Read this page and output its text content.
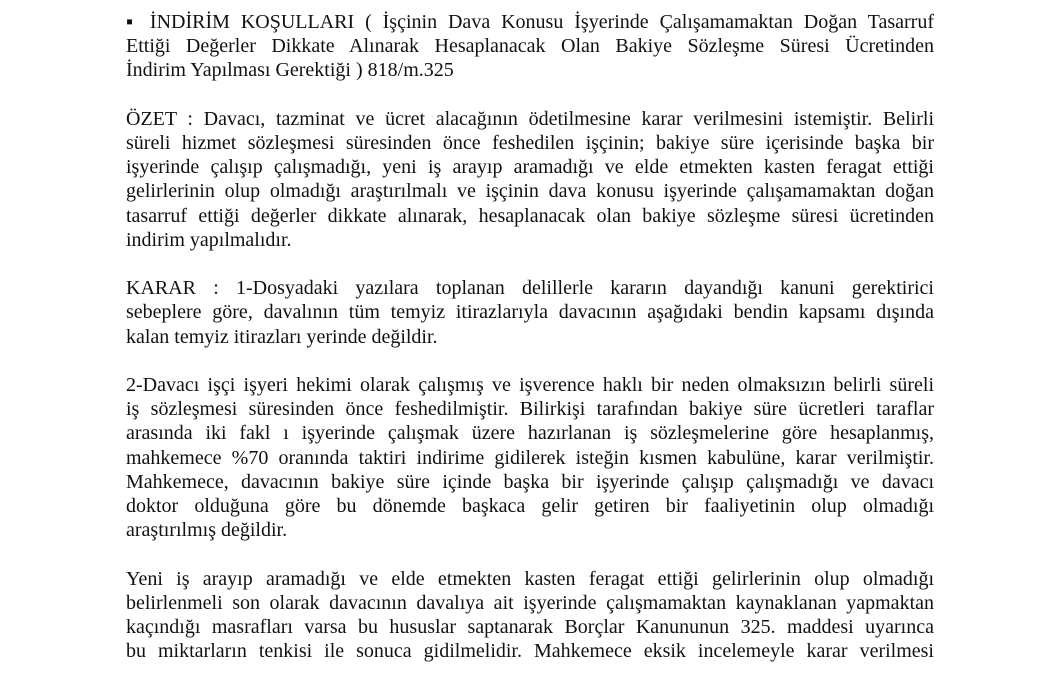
▪ İNDİRİM KOŞULLARI ( İşçinin Dava Konusu İşyerinde Çalışamamaktan Doğan Tasarruf
Ettiği Değerler Dikkate Alınarak Hesaplanacak Olan Bakiye Sözleşme Süresi Ücretinden
İndirim Yapılması Gerektiği ) 818/m.325
ÖZET : Davacı, tazminat ve ücret alacağının ödetilmesine karar verilmesini istemiştir. Belirli
süreli hizmet sözleşmesi süresinden önce feshedilen işçinin; bakiye süre içerisinde başka bir
işyerinde çalışıp çalışmadığı, yeni iş arayıp aramadığı ve elde etmekten kasten feragat ettiği
gelirlerinin olup olmadığı araştırılmalı ve işçinin dava konusu işyerinde çalışamamaktan doğan
tasarruf ettiği değerler dikkate alınarak, hesaplanacak olan bakiye sözleşme süresi ücretinden
indirim yapılmalıdır.
KARAR : 1-Dosyadaki yazılara toplanan delillerle kararın dayandığı kanuni gerektirici
sebeplere göre, davalının tüm temyiz itirazlarıyla davacının aşağıdaki bendin kapsamı dışında
kalan temyiz itirazları yerinde değildir.
2-Davacı işçi işyeri hekimi olarak çalışmış ve işverence haklı bir neden olmaksızın belirli süreli
iş sözleşmesi süresinden önce feshedilmiştir. Bilirkişi tarafından bakiye süre ücretleri taraflar
arasında iki fakl ı işyerinde çalışmak üzere hazırlanan iş sözleşmelerine göre hesaplanmış,
mahkemece %70 oranında taktiri indirime gidilerek isteğin kısmen kabulüne, karar verilmiştir.
Mahkemece, davacının bakiye süre içinde başka bir işyerinde çalışıp çalışmadığı ve davacı
doktor olduğuna göre bu dönemde başkaca gelir getiren bir faaliyetinin olup olmadığı
araştırılmış değildir.
Yeni iş arayıp aramadığı ve elde etmekten kasten feragat ettiği gelirlerinin olup olmadığı
belirlenmeli son olarak davacının davalıya ait işyerinde çalışmamaktan kaynaklanan yapmaktan
kaçındığı masrafları varsa bu hususlar saptanarak Borçlar Kanununun 325. maddesi uyarınca
bu miktarların tenkisi ile sonuca gidilmelidir. Mahkemece eksik incelemeyle karar verilmesi
